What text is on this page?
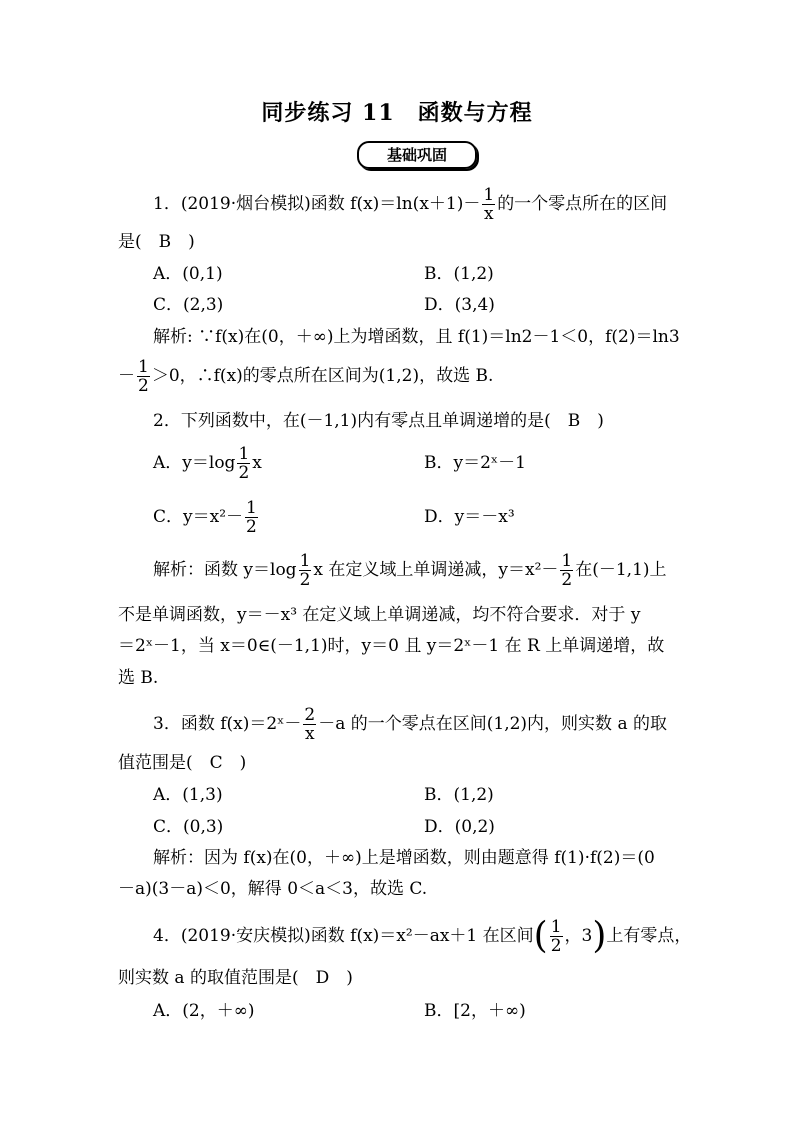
同步练习 11　函数与方程
基础巩固
1．(2019·烟台模拟)函数 $f(x)=\ln(x+1)- \frac{1}{x}$ 的一个零点所在的区间
是(　B　)
A．(0,1)	B．(1,2)
C．(2,3)	D．(3,4)
解析: ∵f(x)在(0，＋∞)上为增函数，且 f(1)＝ln2－1＜0，f(2)＝ln3
－ $\frac{1}{2} >0$，∴f(x)的零点所在区间为(1,2)，故选 B.
2．下列函数中，在(－1,1)内有零点且单调递增的是(　B　)
A．$y=\log \frac{1}{2}$ x	B．y＝2ˣ－1
C．$y=x^2- \frac{1}{2}$	D．y＝－x³
解析：函数 $y=\log \frac{1}{2}$ x 在定义域上单调递减，$y=x^2- \frac{1}{2}$ 在(－1,1)上
不是单调函数，y＝－x³ 在定义域上单调递减，均不符合要求．对于 y
＝2ˣ－1，当 x＝0∈(－1,1)时，y＝0 且 y＝2ˣ－1 在 R 上单调递增，故
选 B.
3．函数 f(x)＝2ˣ－ $\frac{2}{x} -a$ 的一个零点在区间(1,2)内，则实数 a 的取
值范围是(　C　)
A．(1,3)	B．(1,2)
C．(0,3)	D．(0,2)
解析：因为 f(x)在(0，＋∞)上是增函数，则由题意得 f(1)·f(2)＝(0
－a)(3－a)＜0，解得 0＜a＜3，故选 C.
4．(2019·安庆模拟)函数 f(x)＝x²－ax＋1 在区间( $\frac{1}{2}$ ，3)上有零点，
则实数 a 的取值范围是(　D　)
A．(2，＋∞)	B．[2，＋∞)
